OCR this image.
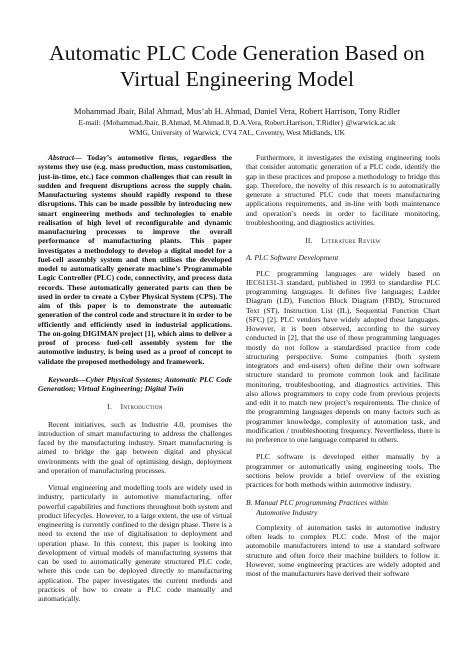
Automatic PLC Code Generation Based on Virtual Engineering Model
Mohammad Jbair, Bilal Ahmad, Mus’ab H. Ahmad, Daniel Vera, Robert Harrison, Tony Ridler
E-mail: {Mohammad.Jbair, B.Ahmad, M.Ahmad.8, D.A.Vera, Robert.Harrison, T.Ridler} @warwick.ac.uk
WMG, University of Warwick, CV4 7AL, Coventry, West Midlands, UK

Abstract— Today’s automotive firms, regardless the systems they use (e.g. mass production, mass customisation, just-in-time, etc.) face common challenges that can result in sudden and frequent disruptions across the supply chain. Manufacturing systems should rapidly respond to these disruptions. This can be made possible by introducing new smart engineering methods and technologies to enable realisation of high level of reconfigurable and dynamic manufacturing processes to improve the overall performance of manufacturing plants. This paper investigates a methodology to develop a digital model for a fuel-cell assembly system and then utilises the developed model to automatically generate machine’s Programmable Logic Controller (PLC) code, connectivity, and process data records. These automatically generated parts can then be used in order to create a Cyber Physical System (CPS). The aim of this paper is to demonstrate the automatic generation of the control code and structure it in order to be efficiently and efficiently used in industrial applications. The on-going DIGIMAN project [1], which aims to deliver a proof of process fuel-cell assembly system for the automotive industry, is being used as a proof of concept to validate the proposed methodology and framework.

Keywords—Cyber Physical Systems; Automatic PLC Code Generation; Virtual Engineering; Digital Twin

I. Introduction

Recent initiatives, such as Industrie 4.0, promises the introduction of smart manufacturing to address the challenges faced by the manufacturing industry. Smart manufacturing is aimed to bridge the gap between digital and physical environments with the goal of optimising design, deployment and operation of manufacturing processes.

Virtual engineering and modelling tools are widely used in industry, particularly in automotive manufacturing, offer powerful capabilities and functions throughout both system and product lifecycles. However, to a large extent, the use of virtual engineering is currently confined to the design phase. There is a need to extend the use of digitalisation to deployment and operation phase. In this context, this paper is looking into development of virtual models of manufacturing systems that can be used to automatically generate structured PLC code, where this code can be deployed directly to manufacturing application. The paper investigates the current methods and practices of how to create a PLC code manually and automatically.

Furthermore, it investigates the existing engineering tools that consider automatic generation of a PLC code, identify the gap in these practices and propose a methodology to bridge this gap. Therefore, the novelty of this research is to automatically generate a structured PLC code that meets manufacturing applications requirements, and in-line with both maintenance and operation’s needs in order to facilitate monitoring, troubleshooting, and diagnostics activities.

II. Literature Review

A. PLC Software Development

PLC programming languages are widely based on IEC61131-3 standard, published in 1993 to standardise PLC programming languages. It defines five languages; Ladder Diagram (LD), Function Block Diagram (FBD), Structured Text (ST), Instruction List (IL), Sequential Function Chart (SFC) [2]. PLC vendors have widely adopted these languages. However, it is been observed, according to the survey conducted in [2], that the use of these programming languages mostly do not follow a standardised practice from code structuring perspective. Some companies (both system integrators and end-users) often define their own software structure standard to promote common look and facilitate monitoring, troubleshooting, and diagnostics activities. This also allows programmers to copy code from previous projects and edit it to match new project’s requirements. The choice of the programming languages depends on many factors such as programmer knowledge, complexity of automation task, and modification / troubleshooting frequency. Nevertheless, there is no preference to one language compared to others.

PLC software is developed either manually by a programmer or automatically using engineering tools. The sections below provide a brief overview of the existing practices for both methods within automotive industry.

B. Manual PLC programming Practices within
Automotive Industry

Complexity of automation tasks in automotive industry often leads to complex PLC code. Most of the major automobile manufacturers intend to use a standard software structure and often force their machine builders to follow it. However, some engineering practices are widely adopted and most of the manufacturers have derived their software
